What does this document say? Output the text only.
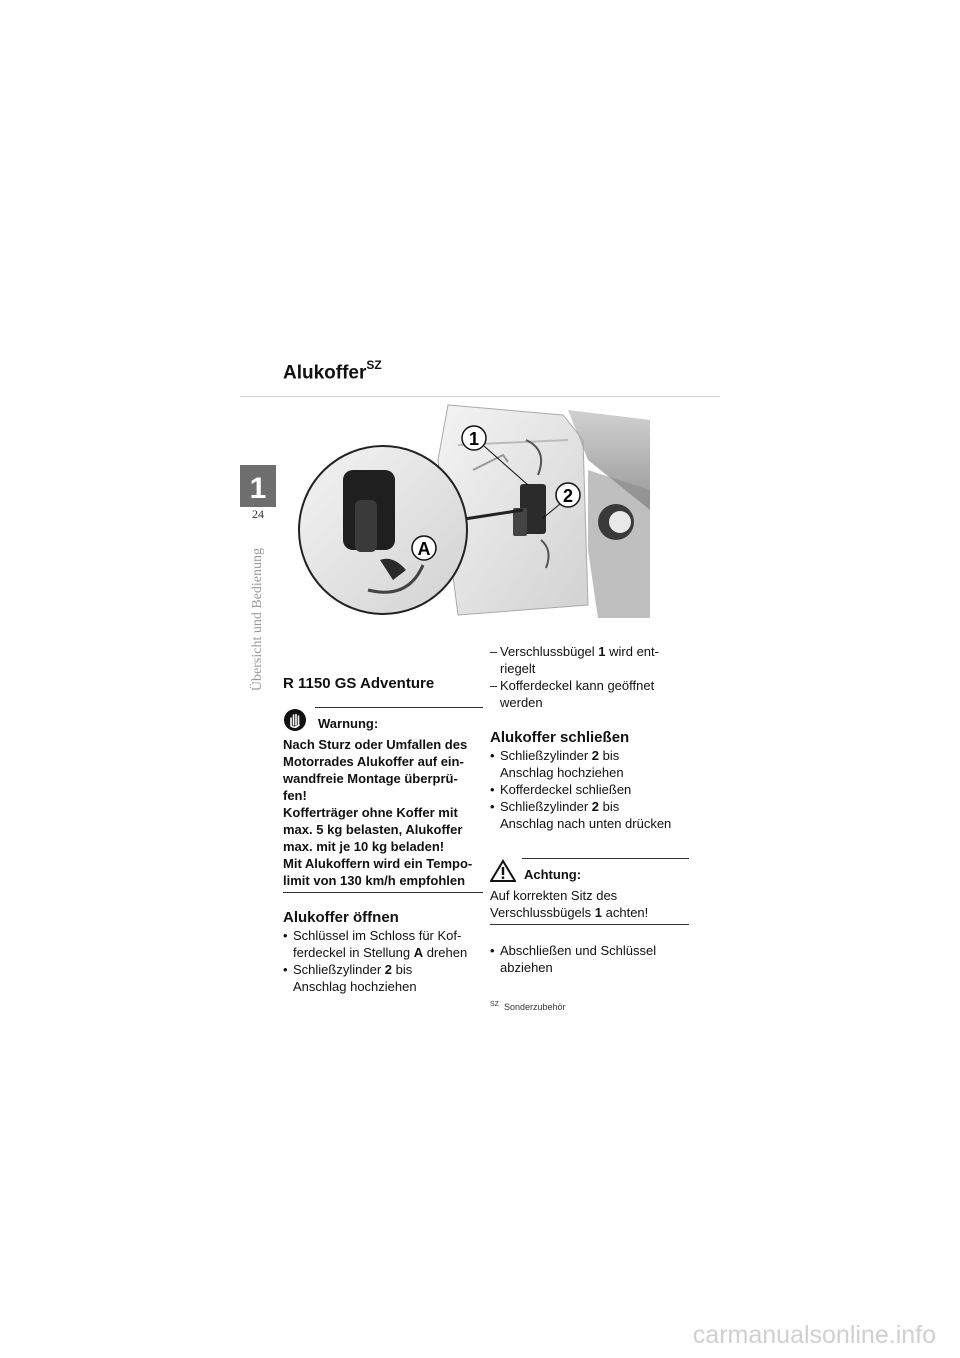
Alukoffer$^{SZ}$
1
24
Übersicht und Bedienung
1
2
A
R 1150 GS Adventure
Warnung:
Nach Sturz oder Umfallen des
Motorrades Alukoffer auf ein-
wandfreie Montage überprü-
fen!
Kofferträger ohne Koffer mit
max. 5 kg belasten, Alukoffer
max. mit je 10 kg beladen!
Mit Alukoffern wird ein Tempo-
limit von 130 km/h empfohlen
Alukoffer öffnen
• Schlüssel im Schloss für Kof-
ferdeckel in Stellung A drehen
• Schließzylinder 2 bis
Anschlag hochziehen
– Verschlussbügel 1 wird ent-
riegelt
– Kofferdeckel kann geöffnet
werden
Alukoffer schließen
• Schließzylinder 2 bis
Anschlag hochziehen
• Kofferdeckel schließen
• Schließzylinder 2 bis
Anschlag nach unten drücken
Achtung:
Auf korrekten Sitz des
Verschlussbügels 1 achten!
• Abschließen und Schlüssel
abziehen
$^{SZ}$ Sonderzubehör
carmanualsonline.info
